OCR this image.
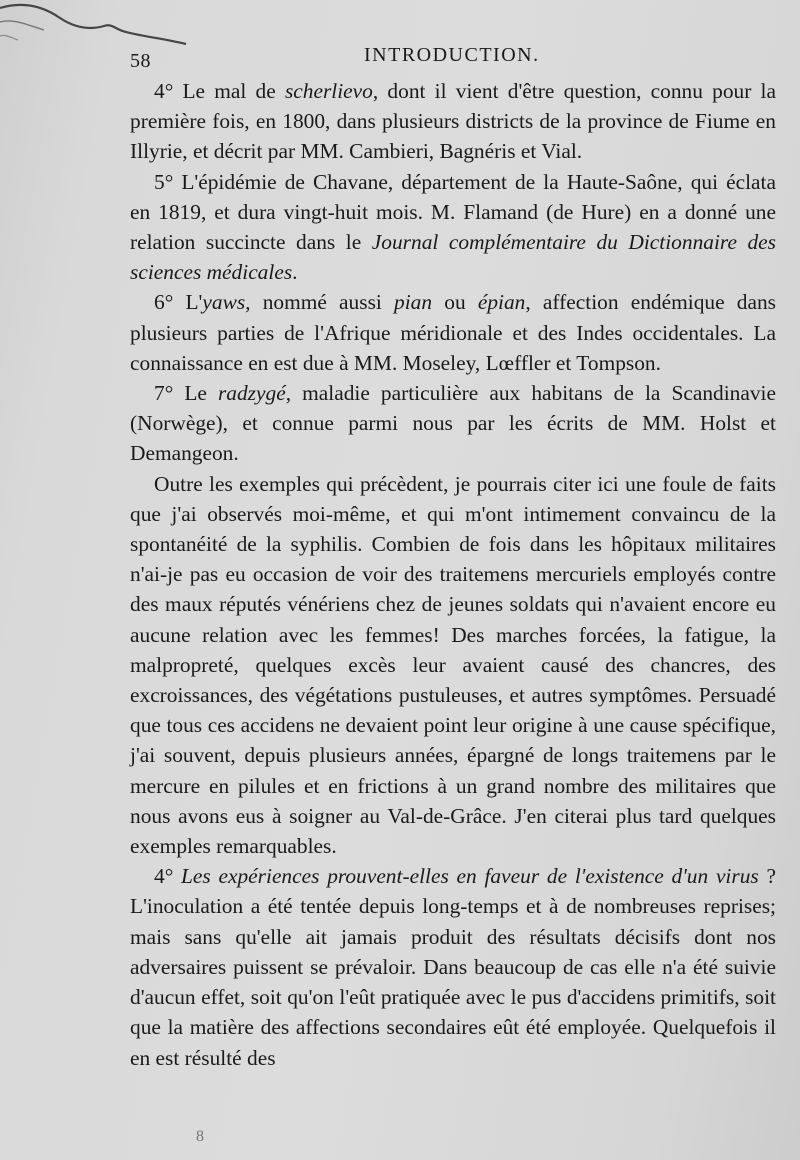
58	INTRODUCTION.

4° Le mal de scherlievo, dont il vient d'être question, connu pour la première fois, en 1800, dans plusieurs districts de la province de Fiume en Illyrie, et décrit par MM. Cambieri, Bagnéris et Vial.

5° L'épidémie de Chavane, département de la Haute-Saône, qui éclata en 1819, et dura vingt-huit mois. M. Flamand (de Hure) en a donné une relation succincte dans le Journal complémentaire du Dictionnaire des sciences médicales.

6° L'yaws, nommé aussi pian ou épian, affection endémique dans plusieurs parties de l'Afrique méridionale et des Indes occidentales. La connaissance en est due à MM. Moseley, Lœffler et Tompson.

7° Le radzygé, maladie particulière aux habitans de la Scandinavie (Norwège), et connue parmi nous par les écrits de MM. Holst et Demangeon.

Outre les exemples qui précèdent, je pourrais citer ici une foule de faits que j'ai observés moi-même, et qui m'ont intimement convaincu de la spontanéité de la syphilis. Combien de fois dans les hôpitaux militaires n'ai-je pas eu occasion de voir des traitemens mercuriels employés contre des maux réputés vénériens chez de jeunes soldats qui n'avaient encore eu aucune relation avec les femmes! Des marches forcées, la fatigue, la malpropreté, quelques excès leur avaient causé des chancres, des excroissances, des végétations pustuleuses, et autres symptômes. Persuadé que tous ces accidens ne devaient point leur origine à une cause spécifique, j'ai souvent, depuis plusieurs années, épargné de longs traitemens par le mercure en pilules et en frictions à un grand nombre des militaires que nous avons eus à soigner au Val-de-Grâce. J'en citerai plus tard quelques exemples remarquables.

4° Les expériences prouvent-elles en faveur de l'existence d'un virus ? L'inoculation a été tentée depuis long-temps et à de nombreuses reprises; mais sans qu'elle ait jamais produit des résultats décisifs dont nos adversaires puissent se prévaloir. Dans beaucoup de cas elle n'a été suivie d'aucun effet, soit qu'on l'eût pratiquée avec le pus d'accidens primitifs, soit que la matière des affections secondaires eût été employée. Quelquefois il en est résulté des

8
